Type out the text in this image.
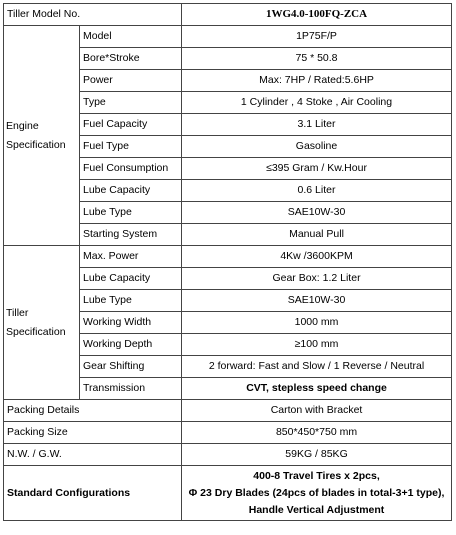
Tiller Model No.		1WG4.0-100FQ-ZCA

Engine
Specification	Model	1P75F/P
	Bore*Stroke	75 * 50.8
	Power	Max: 7HP / Rated:5.6HP
	Type	1 Cylinder , 4 Stoke , Air Cooling
	Fuel Capacity	3.1 Liter
	Fuel Type	Gasoline
	Fuel Consumption	≤395 Gram / Kw.Hour
	Lube Capacity	0.6 Liter
	Lube Type	SAE10W-30
	Starting System	Manual Pull

Tiller
Specification	Max. Power	4Kw /3600KPM
	Lube Capacity	Gear Box: 1.2 Liter
	Lube Type	SAE10W-30
	Working Width	1000 mm
	Working Depth	≥100 mm
	Gear Shifting	2 forward: Fast and Slow / 1 Reverse / Neutral
	Transmission	CVT, stepless speed change
Packing Details		Carton with Bracket
Packing Size		850*450*750 mm
N.W. / G.W.		59KG / 85KG
Standard Configurations		400-8 Travel Tires x 2pcs,
Φ 23 Dry Blades (24pcs of blades in total-3+1 type),
Handle Vertical Adjustment
